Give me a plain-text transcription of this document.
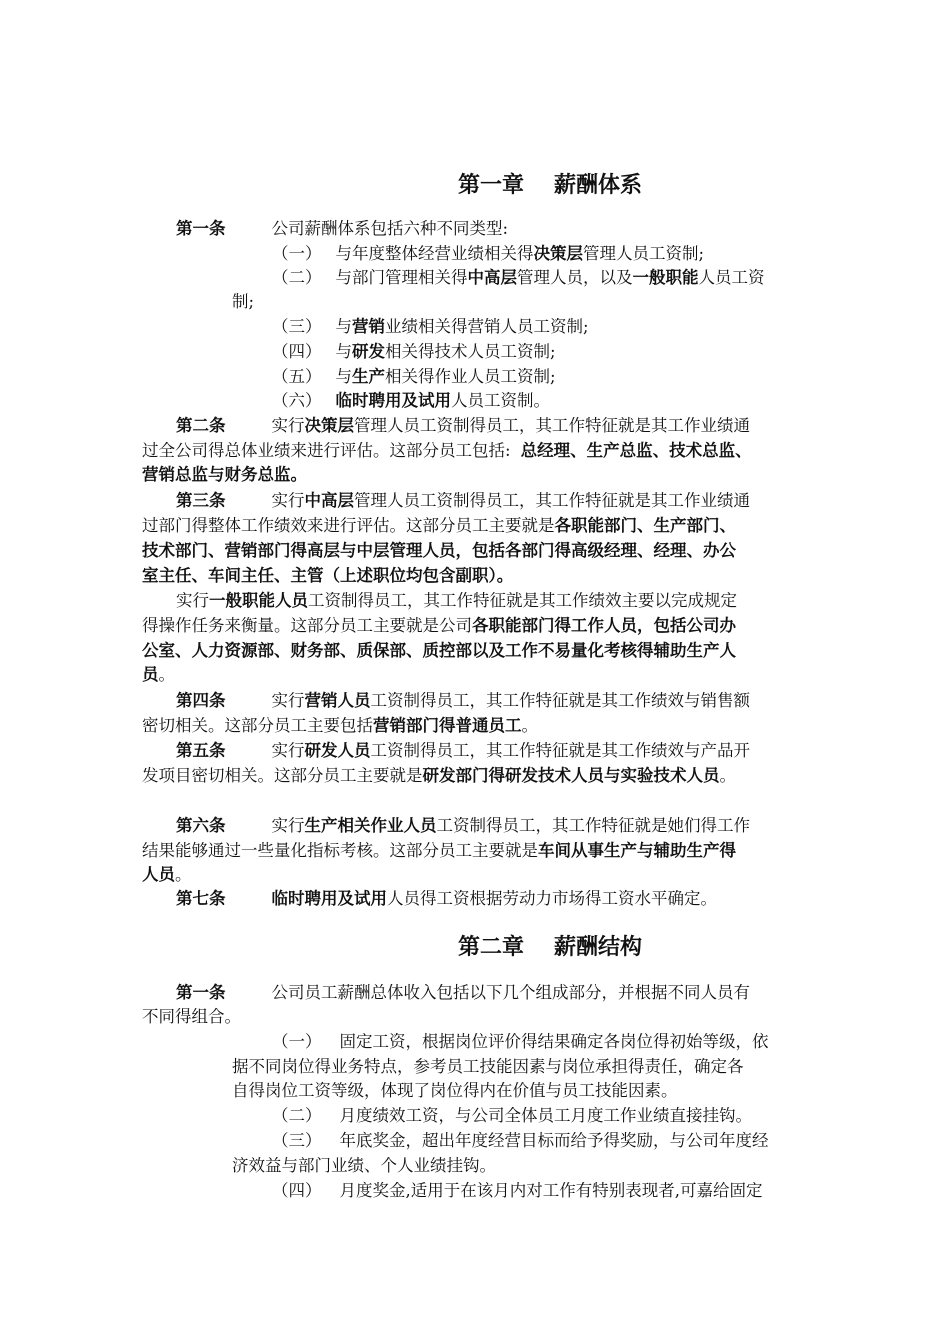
第一章 薪酬体系
第一条	公司薪酬体系包括六种不同类型:
（一） 与年度整体经营业绩相关得决策层管理人员工资制;
（二） 与部门管理相关得中高层管理人员，以及一般职能人员工资
制;
（三） 与营销业绩相关得营销人员工资制;
（四） 与研发相关得技术人员工资制;
（五） 与生产相关得作业人员工资制;
（六） 临时聘用及试用人员工资制。
第二条	实行决策层管理人员工资制得员工，其工作特征就是其工作业绩通
过全公司得总体业绩来进行评估。这部分员工包括: 总经理、生产总监、技术总监、
营销总监与财务总监。
第三条	实行中高层管理人员工资制得员工，其工作特征就是其工作业绩通
过部门得整体工作绩效来进行评估。这部分员工主要就是各职能部门、生产部门、
技术部门、营销部门得高层与中层管理人员，包括各部门得高级经理、经理、办公
室主任、车间主任、主管（上述职位均包含副职）。
实行一般职能人员工资制得员工，其工作特征就是其工作绩效主要以完成规定
得操作任务来衡量。这部分员工主要就是公司各职能部门得工作人员，包括公司办
公室、人力资源部、财务部、质保部、质控部以及工作不易量化考核得辅助生产人
员。
第四条	实行营销人员工资制得员工，其工作特征就是其工作绩效与销售额
密切相关。这部分员工主要包括营销部门得普通员工。
第五条	实行研发人员工资制得员工，其工作特征就是其工作绩效与产品开
发项目密切相关。这部分员工主要就是研发部门得研发技术人员与实验技术人员。
第六条	实行生产相关作业人员工资制得员工，其工作特征就是她们得工作
结果能够通过一些量化指标考核。这部分员工主要就是车间从事生产与辅助生产得
人员。
第七条	临时聘用及试用人员得工资根据劳动力市场得工资水平确定。
第二章 薪酬结构
第一条	公司员工薪酬总体收入包括以下几个组成部分，并根据不同人员有
不同得组合。
（一） 固定工资，根据岗位评价得结果确定各岗位得初始等级，依
据不同岗位得业务特点，参考员工技能因素与岗位承担得责任，确定各
自得岗位工资等级，体现了岗位得内在价值与员工技能因素。
（二） 月度绩效工资，与公司全体员工月度工作业绩直接挂钩。
（三） 年底奖金，超出年度经营目标而给予得奖励，与公司年度经
济效益与部门业绩、个人业绩挂钩。
（四） 月度奖金,适用于在该月内对工作有特别表现者,可嘉给固定
